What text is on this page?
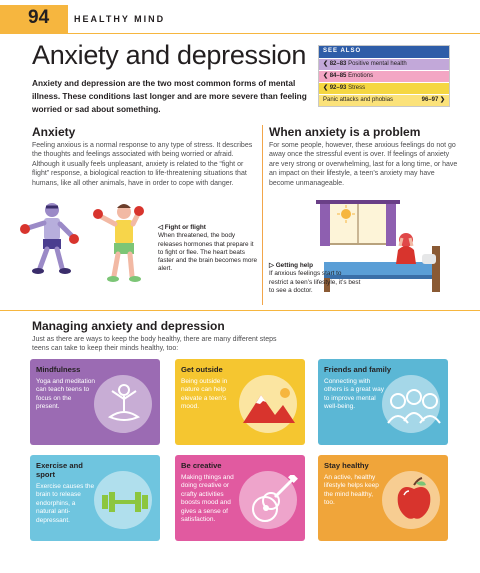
94	HEALTHY MIND
Anxiety and depression
Anxiety and depression are the two most common forms of mental illness. These conditions last longer and are more severe than feeling worried or sad about something.
SEE ALSO
❮ 82–83 Positive mental health
❮ 84–85 Emotions
❮ 92–93 Stress
Panic attacks and phobias	96–97 ❯
Anxiety
Feeling anxious is a normal response to any type of stress. It describes the thoughts and feelings associated with being worried or afraid. Although it usually feels unpleasant, anxiety is related to the “fight or flight” response, a biological reaction to life-threatening situations that humans, like all other animals, have in order to cope with danger.
◁ Fight or flight
When threatened, the body releases hormones that prepare it to fight or flee. The heart beats faster and the brain becomes more alert.
When anxiety is a problem
For some people, however, these anxious feelings do not go away once the stressful event is over. If feelings of anxiety are very strong or overwhelming, last for a long time, or have an impact on their lifestyle, a teen’s anxiety may have become unmanageable.
▷ Getting help
If anxious feelings start to restrict a teen’s lifestyle, it’s best to see a doctor.
Managing anxiety and depression
Just as there are ways to keep the body healthy, there are many different steps teens can take to keep their minds healthy, too:
Mindfulness
Yoga and meditation can teach teens to focus on the present.
Get outside
Being outside in nature can help elevate a teen’s mood.
Friends and family
Connecting with others is a great way to improve mental well-being.
Exercise and sport
Exercise causes the brain to release endorphins, a natural anti-depressant.
Be creative
Making things and doing creative or crafty activities boosts mood and gives a sense of satisfaction.
Stay healthy
An active, healthy lifestyle helps keep the mind healthy, too.
